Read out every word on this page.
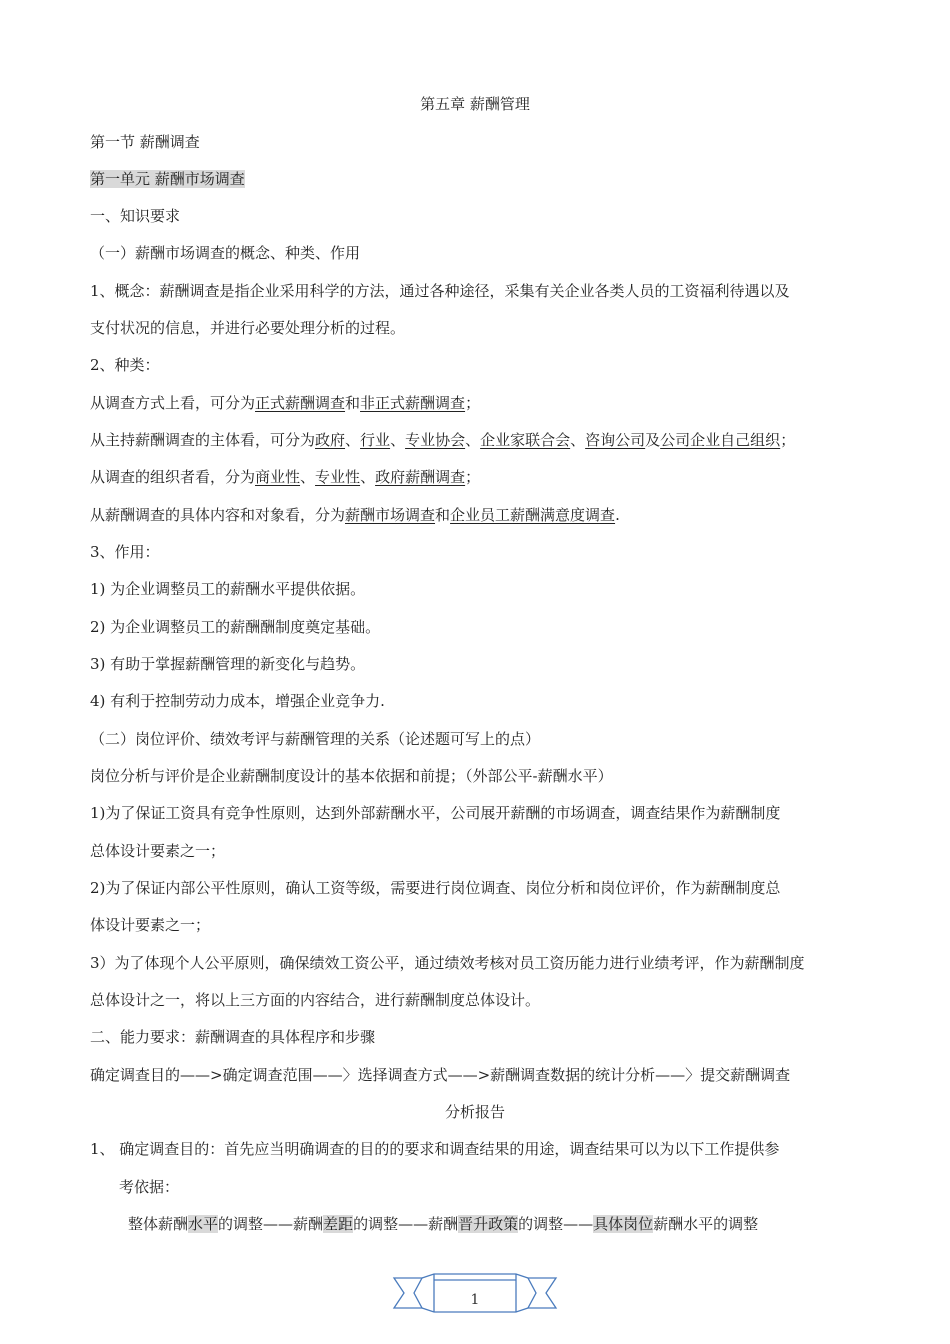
第五章 薪酬管理
第一节 薪酬调查
第一单元 薪酬市场调查
一、知识要求
（一）薪酬市场调查的概念、种类、作用
1、概念：薪酬调查是指企业采用科学的方法，通过各种途径，采集有关企业各类人员的工资福利待遇以及
支付状况的信息，并进行必要处理分析的过程。
2、种类：
从调查方式上看，可分为正式薪酬调查和非正式薪酬调查；
从主持薪酬调查的主体看，可分为政府、行业、专业协会、企业家联合会、咨询公司及公司企业自己组织；
从调查的组织者看，分为商业性、专业性、政府薪酬调查；
从薪酬调查的具体内容和对象看，分为薪酬市场调查和企业员工薪酬满意度调查.
3、作用：
1) 为企业调整员工的薪酬水平提供依据。
2) 为企业调整员工的薪酬酬制度奠定基础。
3) 有助于掌握薪酬管理的新变化与趋势。
4) 有利于控制劳动力成本，增强企业竞争力.
（二）岗位评价、绩效考评与薪酬管理的关系（论述题可写上的点）
岗位分析与评价是企业薪酬制度设计的基本依据和前提；（外部公平-薪酬水平）
1)为了保证工资具有竞争性原则，达到外部薪酬水平，公司展开薪酬的市场调查，调查结果作为薪酬制度
总体设计要素之一；
2)为了保证内部公平性原则，确认工资等级，需要进行岗位调查、岗位分析和岗位评价，作为薪酬制度总
体设计要素之一；
3）为了体现个人公平原则，确保绩效工资公平，通过绩效考核对员工资历能力进行业绩考评，作为薪酬制度
总体设计之一，将以上三方面的内容结合，进行薪酬制度总体设计。
二、能力要求：薪酬调查的具体程序和步骤
确定调查目的——>确定调查范围——〉选择调查方式——>薪酬调查数据的统计分析——〉提交薪酬调查
分析报告
1、 确定调查目的：首先应当明确调查的目的的要求和调查结果的用途，调查结果可以为以下工作提供参
考依据：
整体薪酬水平的调整——薪酬差距的调整——薪酬晋升政策的调整——具体岗位薪酬水平的调整
1
